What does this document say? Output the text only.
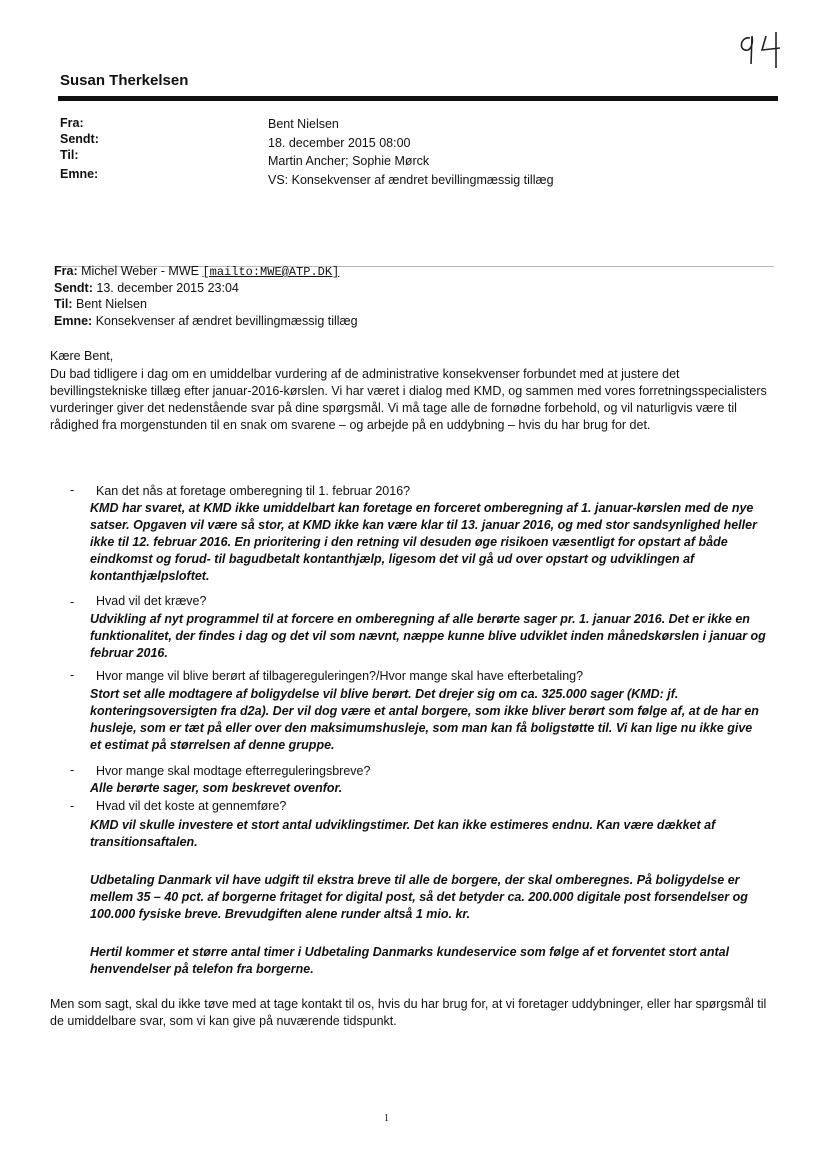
Susan Therkelsen
Fra:	Bent Nielsen
Sendt:	18. december 2015 08:00
Til:	Martin Ancher; Sophie Mørck
Emne:	VS: Konsekvenser af ændret bevillingmæssig tillæg
Fra: Michel Weber - MWE [mailto:MWE@ATP.DK]
Sendt: 13. december 2015 23:04
Til: Bent Nielsen
Emne: Konsekvenser af ændret bevillingmæssig tillæg
Kære Bent,
Du bad tidligere i dag om en umiddelbar vurdering af de administrative konsekvenser forbundet med at justere det bevillingstekniske tillæg efter januar-2016-kørslen. Vi har været i dialog med KMD, og sammen med vores forretningsspecialisters vurderinger giver det nedenstående svar på dine spørgsmål. Vi må tage alle de fornødne forbehold, og vil naturligvis være til rådighed fra morgenstunden til en snak om svarene – og arbejde på en uddybning – hvis du har brug for det.
- Kan det nås at foretage omberegning til 1. februar 2016?
KMD har svaret, at KMD ikke umiddelbart kan foretage en forceret omberegning af 1. januar-kørslen med de nye satser. Opgaven vil være så stor, at KMD ikke kan være klar til 13. januar 2016, og med stor sandsynlighed heller ikke til 12. februar 2016. En prioritering i den retning vil desuden øge risikoen væsentligt for opstart af både eindkomst og forud- til bagudbetalt kontanthjælp, ligesom det vil gå ud over opstart og udviklingen af kontanthjælpsloftet.
- Hvad vil det kræve?
Udvikling af nyt programmel til at forcere en omberegning af alle berørte sager pr. 1. januar 2016. Det er ikke en funktionalitet, der findes i dag og det vil som nævnt, næppe kunne blive udviklet inden månedskørslen i januar og februar 2016.
- Hvor mange vil blive berørt af tilbagereguleringen?/Hvor mange skal have efterbetaling?
Stort set alle modtagere af boligydelse vil blive berørt. Det drejer sig om ca. 325.000 sager (KMD: jf. konteringsoversigten fra d2a). Der vil dog være et antal borgere, som ikke bliver berørt som følge af, at de har en husleje, som er tæt på eller over den maksimumshusleje, som man kan få boligstøtte til. Vi kan lige nu ikke give et estimat på størrelsen af denne gruppe.
- Hvor mange skal modtage efterreguleringsbreve?
Alle berørte sager, som beskrevet ovenfor.
- Hvad vil det koste at gennemføre?
KMD vil skulle investere et stort antal udviklingstimer. Det kan ikke estimeres endnu. Kan være dækket af transitionsaftalen.
Udbetaling Danmark vil have udgift til ekstra breve til alle de borgere, der skal omberegnes. På boligydelse er mellem 35 – 40 pct. af borgerne fritaget for digital post, så det betyder ca. 200.000 digitale post forsendelser og 100.000 fysiske breve. Brevudgiften alene runder altså 1 mio. kr.
Hertil kommer et større antal timer i Udbetaling Danmarks kundeservice som følge af et forventet stort antal henvendelser på telefon fra borgerne.
Men som sagt, skal du ikke tøve med at tage kontakt til os, hvis du har brug for, at vi foretager uddybninger, eller har spørgsmål til de umiddelbare svar, som vi kan give på nuværende tidspunkt.
1
